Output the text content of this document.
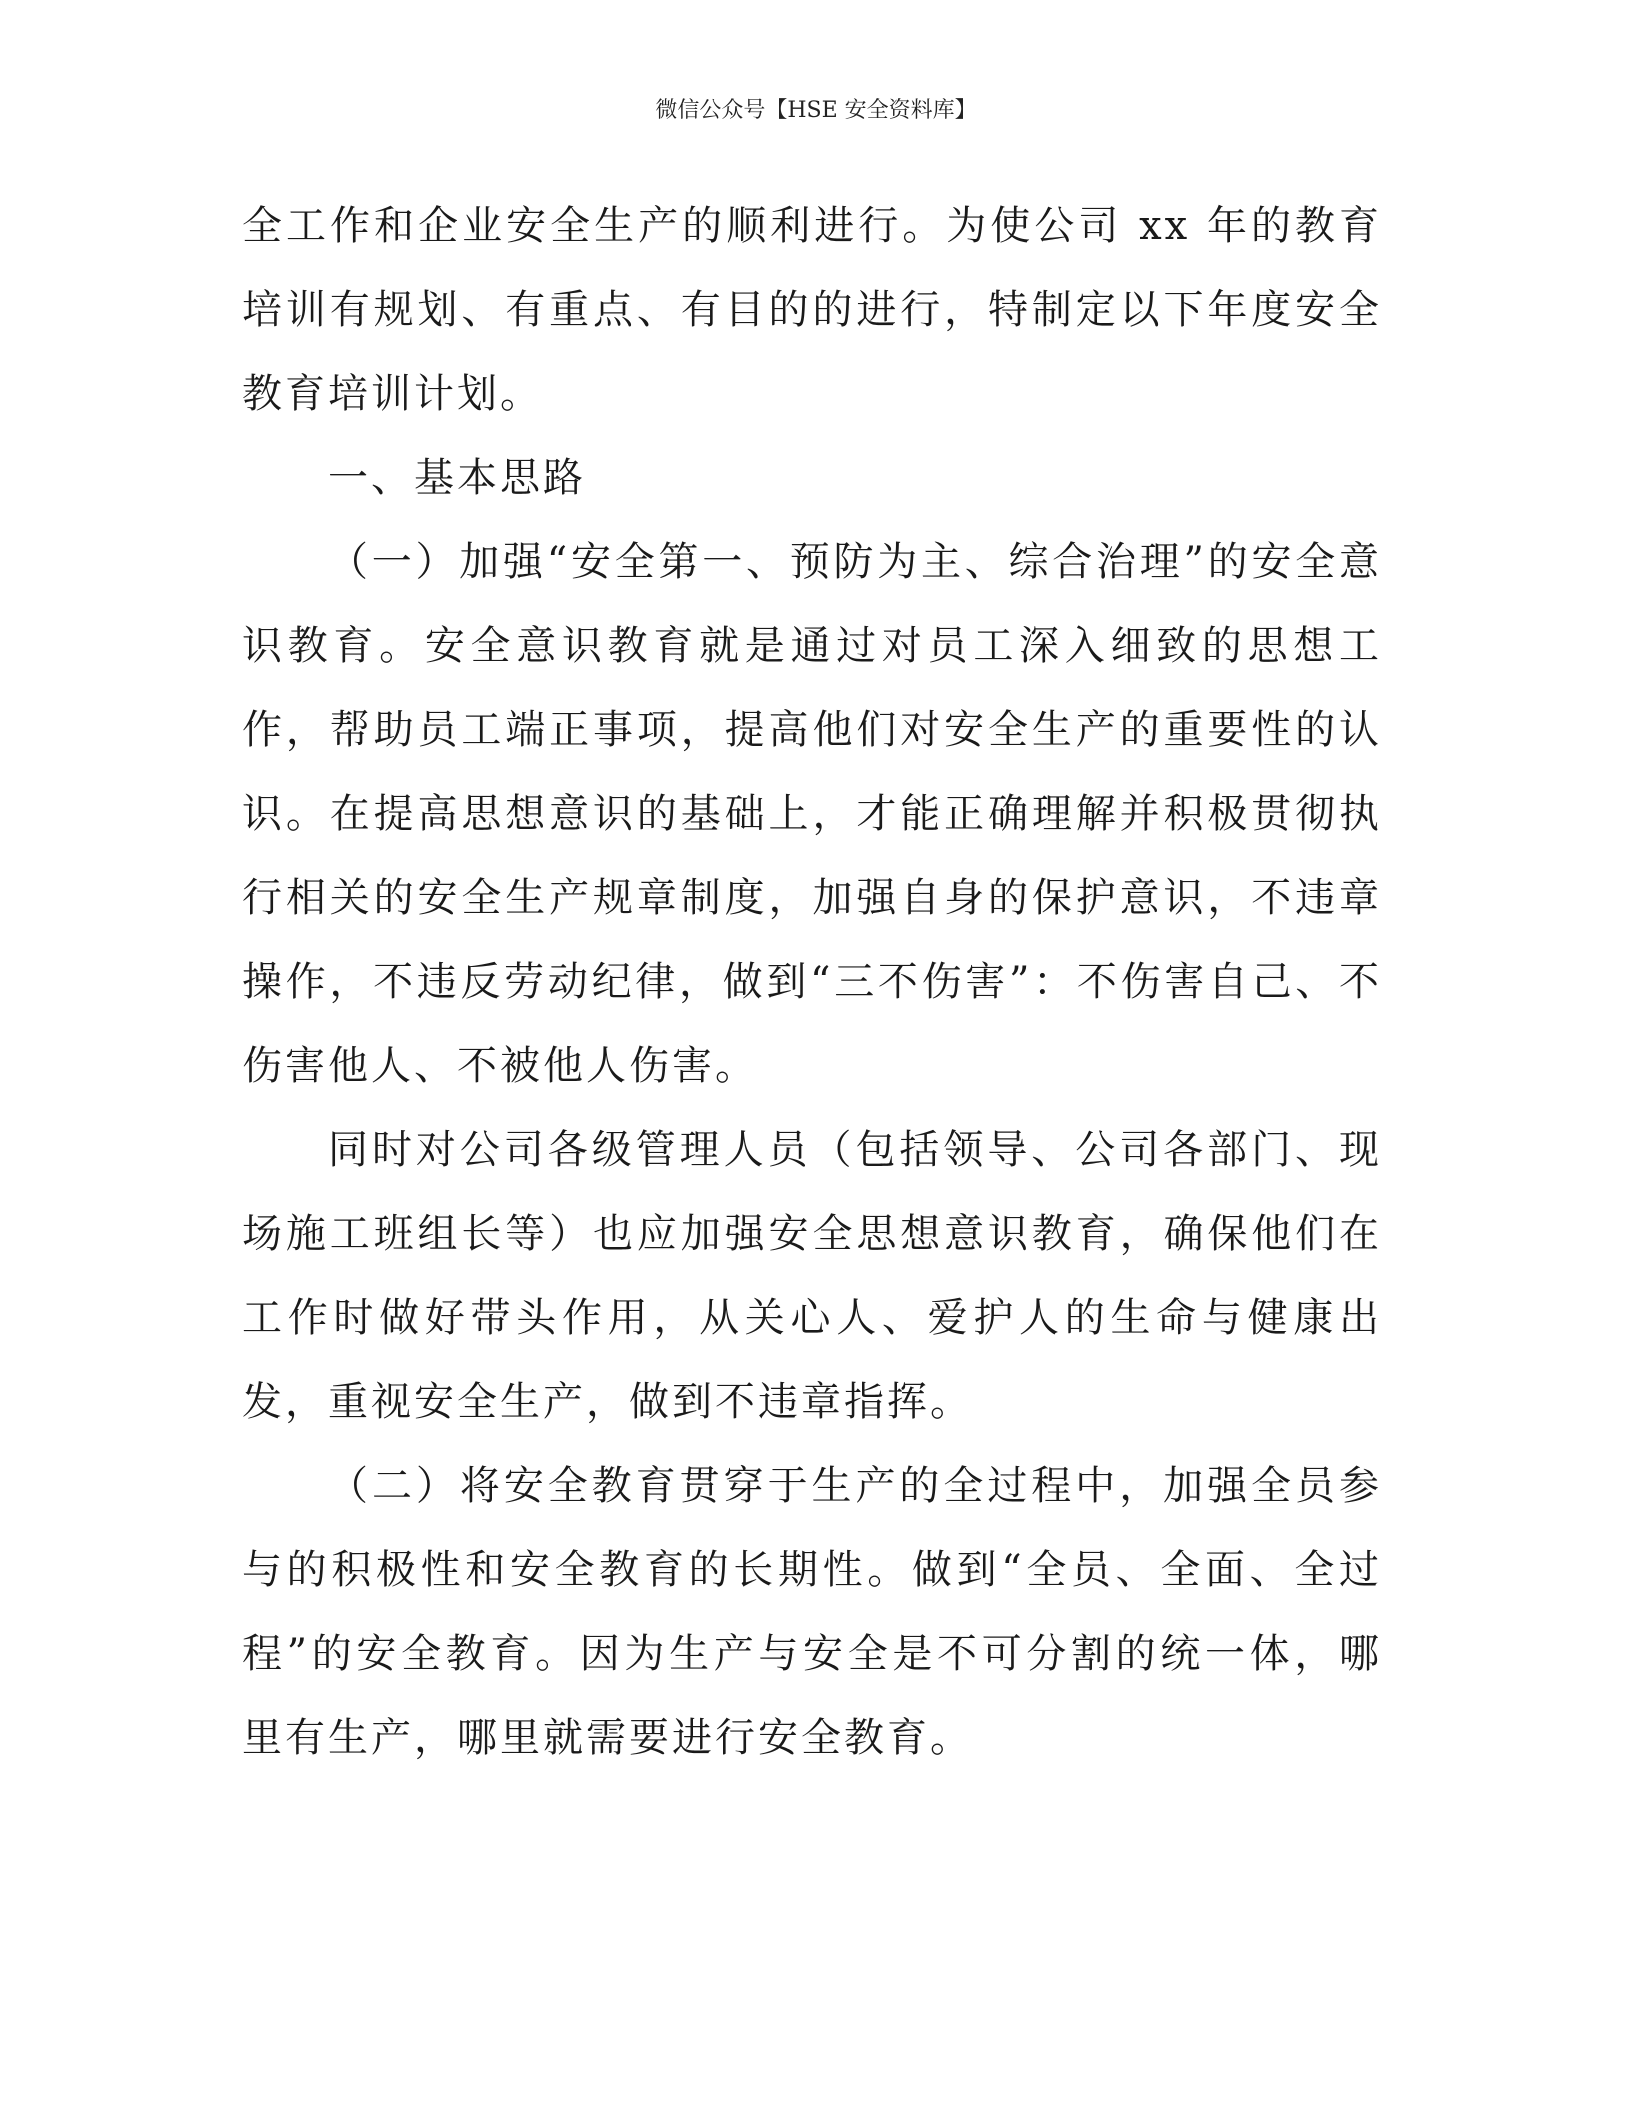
微信公众号【HSE 安全资料库】

全工作和企业安全生产的顺利进行。为使公司 xx 年的教育培训有规划、有重点、有目的的进行，特制定以下年度安全教育培训计划。

一、基本思路

（一）加强“安全第一、预防为主、综合治理”的安全意识教育。安全意识教育就是通过对员工深入细致的思想工作，帮助员工端正事项，提高他们对安全生产的重要性的认识。在提高思想意识的基础上，才能正确理解并积极贯彻执行相关的安全生产规章制度，加强自身的保护意识，不违章操作，不违反劳动纪律，做到“三不伤害”：不伤害自己、不伤害他人、不被他人伤害。

同时对公司各级管理人员（包括领导、公司各部门、现场施工班组长等）也应加强安全思想意识教育，确保他们在工作时做好带头作用，从关心人、爱护人的生命与健康出发，重视安全生产，做到不违章指挥。

（二）将安全教育贯穿于生产的全过程中，加强全员参与的积极性和安全教育的长期性。做到“全员、全面、全过程”的安全教育。因为生产与安全是不可分割的统一体，哪里有生产，哪里就需要进行安全教育。
